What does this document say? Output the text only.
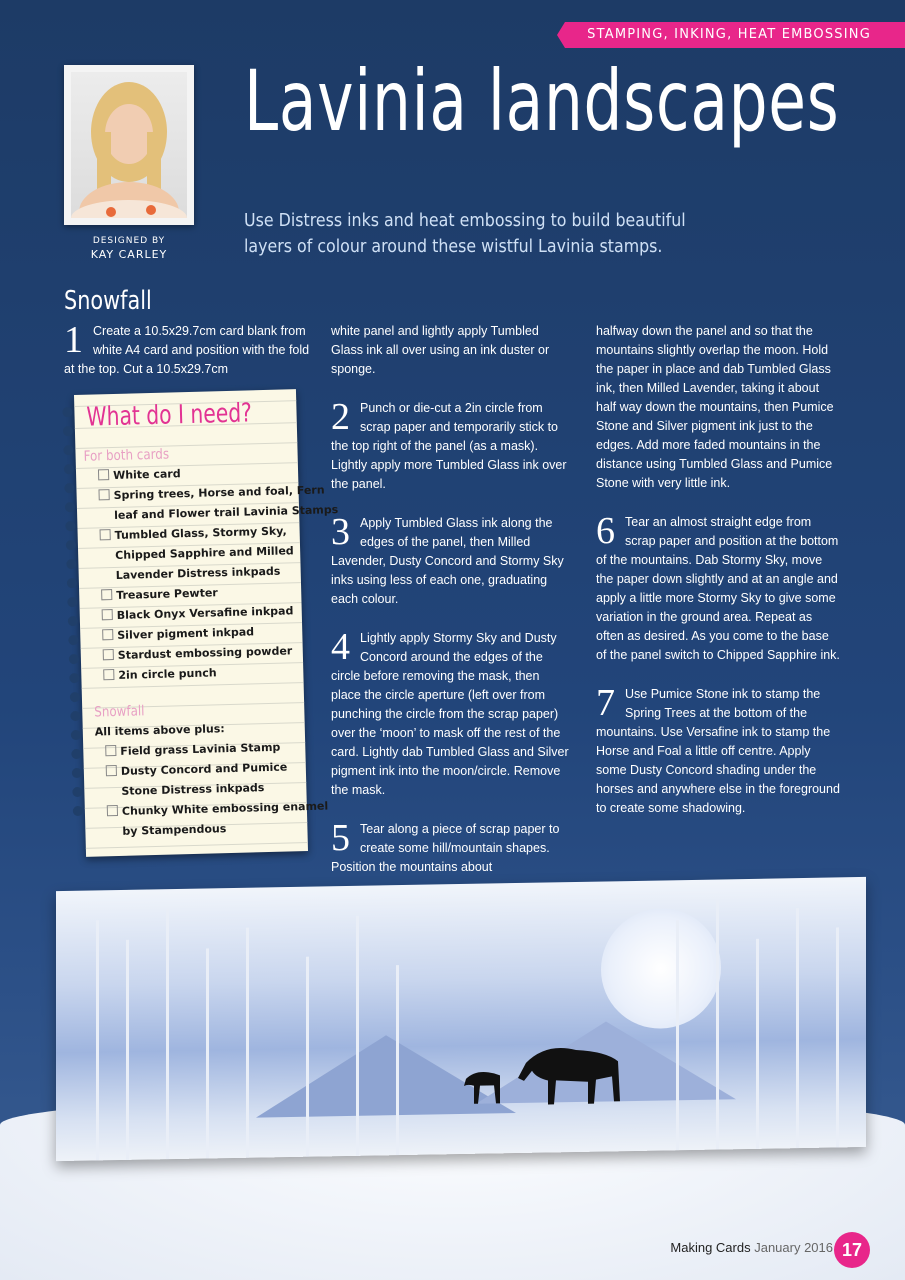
STAMPING, INKING, HEAT EMBOSSING
DESIGNED BY
KAY CARLEY
Lavinia landscapes
Use Distress inks and heat embossing to build beautiful layers of colour around these wistful Lavinia stamps.
Snowfall

1 Create a 10.5x29.7cm card blank from white A4 card and position with the fold at the top. Cut a 10.5x29.7cm

white panel and lightly apply Tumbled Glass ink all over using an ink duster or sponge.

2 Punch or die-cut a 2in circle from scrap paper and temporarily stick to the top right of the panel (as a mask). Lightly apply more Tumbled Glass ink over the panel.

3 Apply Tumbled Glass ink along the edges of the panel, then Milled Lavender, Dusty Concord and Stormy Sky inks using less of each one, graduating each colour.

4 Lightly apply Stormy Sky and Dusty Concord around the edges of the circle before removing the mask, then place the circle aperture (left over from punching the circle from the scrap paper) over the ‘moon’ to mask off the rest of the card. Lightly dab Tumbled Glass and Silver pigment ink into the moon/circle. Remove the mask.

5 Tear along a piece of scrap paper to create some hill/mountain shapes. Position the mountains about

halfway down the panel and so that the mountains slightly overlap the moon. Hold the paper in place and dab Tumbled Glass ink, then Milled Lavender, taking it about half way down the mountains, then Pumice Stone and Silver pigment ink just to the edges. Add more faded mountains in the distance using Tumbled Glass and Pumice Stone with very little ink.

6 Tear an almost straight edge from scrap paper and position at the bottom of the mountains. Dab Stormy Sky, move the paper down slightly and at an angle and apply a little more Stormy Sky to give some variation in the ground area. Repeat as often as desired. As you come to the base of the panel switch to Chipped Sapphire ink.

7 Use Pumice Stone ink to stamp the Spring Trees at the bottom of the mountains. Use Versafine ink to stamp the Horse and Foal a little off centre. Apply some Dusty Concord shading under the horses and anywhere else in the foreground to create some shadowing.

What do I need?
For both cards
White card
Spring trees, Horse and foal, Fern
leaf and Flower trail Lavinia Stamps
Tumbled Glass, Stormy Sky,
Chipped Sapphire and Milled
Lavender Distress inkpads
Treasure Pewter
Black Onyx Versafine inkpad
Silver pigment inkpad
Stardust embossing powder
2in circle punch
Snowfall
All items above plus:
Field grass Lavinia Stamp
Dusty Concord and Pumice
Stone Distress inkpads
Chunky White embossing enamel
by Stampendous
Making Cards January 2016 17
